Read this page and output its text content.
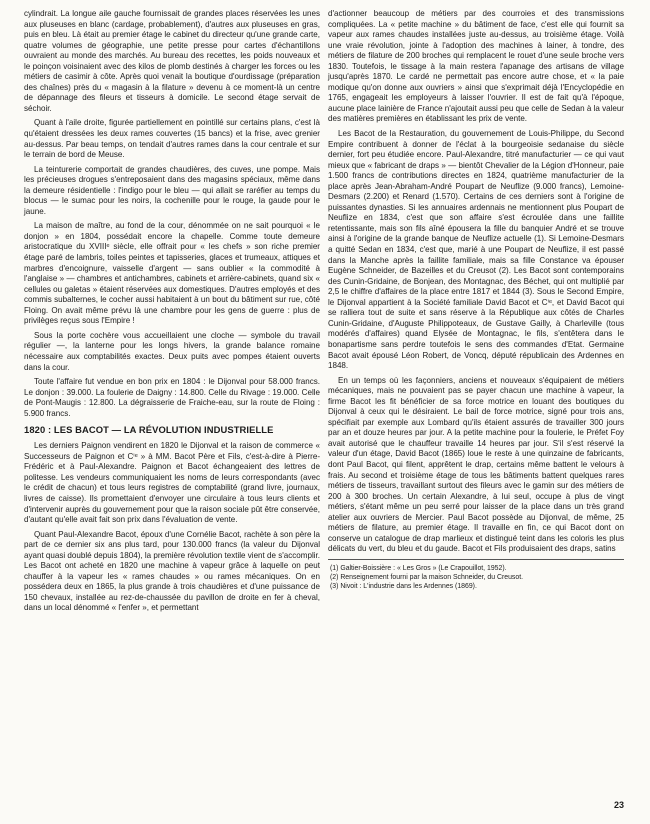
cylindrait. La longue aile gauche fournissait de grandes places réservées les unes aux pluseuses en blanc (cardage, probablement), d'autres aux pluseuses en gras, puis en bleu. Là était au premier étage le cabinet du directeur qu'une grande carte, quatre volumes de géographie, une petite presse pour cartes d'échantillons ouvraient au monde des marchés. Au bureau des recettes, les poids nouveaux et le poinçon voisinaient avec des kilos de plomb destinés à charger les forces ou les métiers de casimir à côte. Après quoi venait la boutique d'ourdissage (préparation des chaînes) près du « magasin à la filature » devenu à ce moment-là un centre de dépannage des fileurs et tisseurs à domicile. Le second étage servait de séchoir.

Quant à l'aile droite, figurée partiellement en pointillé sur certains plans, c'est là qu'étaient dressées les deux rames couvertes (15 bancs) et la frise, avec grenier au-dessus. Par beau temps, on tendait d'autres rames dans la cour centrale et sur le terrain de bord de Meuse.

La teinturerie comportait de grandes chaudières, des cuves, une pompe. Mais les précieuses drogues s'entreposaient dans des magasins spéciaux, même dans la demeure résidentielle : l'indigo pour le bleu — qui allait se raréfier au temps du blocus — le sumac pour les noirs, la cochenille pour le rouge, la gaude pour le jaune.

La maison de maître, au fond de la cour, dénommée on ne sait pourquoi « le donjon » en 1804, possédait encore la chapelle. Comme toute demeure aristocratique du XVIIIᵉ siècle, elle offrait pour « les chefs » son riche premier étage paré de lambris, toiles peintes et tapisseries, glaces et trumeaux, attiques et marbres d'encoignure, vaisselle d'argent — sans oublier « la commodité à l'anglaise » — chambres et antichambres, cabinets et arrière-cabinets, quand six « cellules ou galetas » étaient réservées aux domestiques. D'autres employés et des commis subalternes, le cocher aussi habitaient à un bout du bâtiment sur rue, côté Floing. On avait même prévu là une chambre pour les gens de guerre : plus de privilèges reçus sous l'Empire !

Sous la porte cochère vous accueillaient une cloche — symbole du travail régulier —, la lanterne pour les longs hivers, la grande balance romaine nécessaire aux comptabilités exactes. Deux puits avec pompes étaient ouverts dans la cour.

Toute l'affaire fut vendue en bon prix en 1804 : le Dijonval pour 58.000 francs. Le donjon : 39.000. La foulerie de Daigny : 14.800. Celle du Rivage : 19.000. Celle de Pont-Maugis : 12.800. La dégraisserie de Fraiche-eau, sur la route de Floing : 5.900 francs.

1820 : LES BACOT — LA RÉVOLUTION INDUSTRIELLE

Les derniers Paignon vendirent en 1820 le Dijonval et la raison de commerce « Successeurs de Paignon et Cⁱᵉ » à MM. Bacot Père et Fils, c'est-à-dire à Pierre-Frédéric et à Paul-Alexandre. Paignon et Bacot échangeaient des lettres de politesse. Les vendeurs communiquaient les noms de leurs correspondants (avec le crédit de chacun) et tous leurs registres de comptabilité (grand livre, journaux, livres de caisse). Ils promettaient d'envoyer une circulaire à tous leurs clients et d'intervenir auprès du gouvernement pour que la raison sociale pût être conservée, d'autant qu'elle avait fait son prix dans l'évaluation de vente.

Quant Paul-Alexandre Bacot, époux d'une Cornélie Bacot, rachète à son père la part de ce dernier six ans plus tard, pour 130.000 francs (la valeur du Dijonval ayant quasi doublé depuis 1804), la première révolution textile vient de s'accomplir. Les Bacot ont acheté en 1820 une machine à vapeur grâce à laquelle on peut chauffer à la vapeur les « rames chaudes » ou rames mécaniques. On en possédera deux en 1865, la plus grande à trois chaudières et d'une puissance de 150 chevaux, installée au rez-de-chaussée du pavillon de droite en fer à cheval, dans un local dénommé « l'enfer », et permettant

d'actionner beaucoup de métiers par des courroies et des transmissions compliquées. La « petite machine » du bâtiment de face, c'est elle qui fournit sa vapeur aux rames chaudes installées juste au-dessus, au troisième étage. Voilà une vraie révolution, jointe à l'adoption des machines à lainer, à tondre, des métiers de filature de 200 broches qui remplacent le rouet d'une seule broche vers 1830. Toutefois, le tissage à la main restera l'apanage des artisans de village jusqu'après 1870. Le cardé ne permettait pas encore autre chose, et « la paie modique qu'on donne aux ouvriers » ainsi que s'exprimait déjà l'Encyclopédie en 1765, engageait les employeurs à laisser l'ouvrier. Il est de fait qu'à l'époque, aucune place lainière de France n'ajoutait aussi peu que celle de Sedan à la valeur des matières premières en établissant les prix de vente.

Les Bacot de la Restauration, du gouvernement de Louis-Philippe, du Second Empire contribuent à donner de l'éclat à la bourgeoisie sedanaise du siècle dernier, fort peu étudiée encore. Paul-Alexandre, titré manufacturier — ce qui vaut mieux que « fabricant de draps » — bientôt Chevalier de la Légion d'Honneur, paie 1.500 francs de contributions directes en 1824, quatrième manufacturier de la place après Jean-Abraham-André Poupart de Neuflize (9.000 francs), Lemoine-Desmars (2.200) et Renard (1.570). Certains de ces derniers sont à l'origine de puissantes dynasties. Si les annuaires ardennais ne mentionnent plus Poupart de Neuflize en 1834, c'est que son affaire s'est écroulée dans une faillite retentissante, mais son fils aîné épousera la fille du banquier André et se trouve ainsi à l'origine de la grande banque de Neuflize actuelle (1). Si Lemoine-Desmars a quitté Sedan en 1834, c'est que, marié à une Poupart de Neuflize, il est passé dans la Manche après la faillite familiale, mais sa fille Constance va épouser Eugène Schneider, de Bazeilles et du Creusot (2). Les Bacot sont contemporains des Cunin-Gridaine, de Bonjean, des Montagnac, des Béchet, qui ont multiplié par 2,5 le chiffre d'affaires de la place entre 1817 et 1844 (3). Sous le Second Empire, le Dijonval appartient à la Société familiale David Bacot et Cⁱᵉ, et David Bacot qui se ralliera tout de suite et sans réserve à la République aux côtés de Charles Cunin-Gridaine, d'Auguste Philippoteaux, de Gustave Gailly, à Charleville (tous modérés d'affaires) quand Elysée de Montagnac, le fils, s'entêtera dans le bonapartisme sans perdre toutefois le sens des commandes d'Etat. Germaine Bacot avait épousé Léon Robert, de Voncq, député républicain des Ardennes en 1848.

En un temps où les façonniers, anciens et nouveaux s'équipaient de métiers mécaniques, mais ne pouvaient pas se payer chacun une machine à vapeur, la firme Bacot les fit bénéficier de sa force motrice en louant des boutiques du Dijonval à ceux qui le désiraient. Le bail de force motrice, signé pour trois ans, spécifiait par exemple aux Lombard qu'ils étaient assurés de travailler 300 jours par an et douze heures par jour. A la petite machine pour la foulerie, le Préfet Foy avait autorisé que le chauffeur travaille 14 heures par jour. S'il s'est réservé la valeur d'un étage, David Bacot (1865) loue le reste à une quinzaine de fabricants, dont Paul Bacot, qui filent, apprêtent le drap, certains même battent le velours à frais. Au second et troisième étage de tous les bâtiments battent quelques rares métiers de tisseurs, travaillant surtout des fileurs avec le gamin sur des métiers de 200 à 300 broches. Un certain Alexandre, à lui seul, occupe à plus de vingt métiers, s'étant même un peu serré pour laisser de la place dans un très grand atelier aux ouvriers de Mercier. Paul Bacot possède au Dijonval, de même, 25 métiers de filature, au premier étage. Il travaille en fin, ce qui Bacot dont on conserve un catalogue de drap marlieux et distingué teint dans les coloris les plus délicats du vert, du bleu et du gaude. Bacot et Fils produisaient des draps, satins

(1) Galtier-Boissière : « Les Gros » (Le Crapouillot, 1952).
(2) Renseignement fourni par la maison Schneider, du Creusot.
(3) Nivoit : L'industrie dans les Ardennes (1869).
23
